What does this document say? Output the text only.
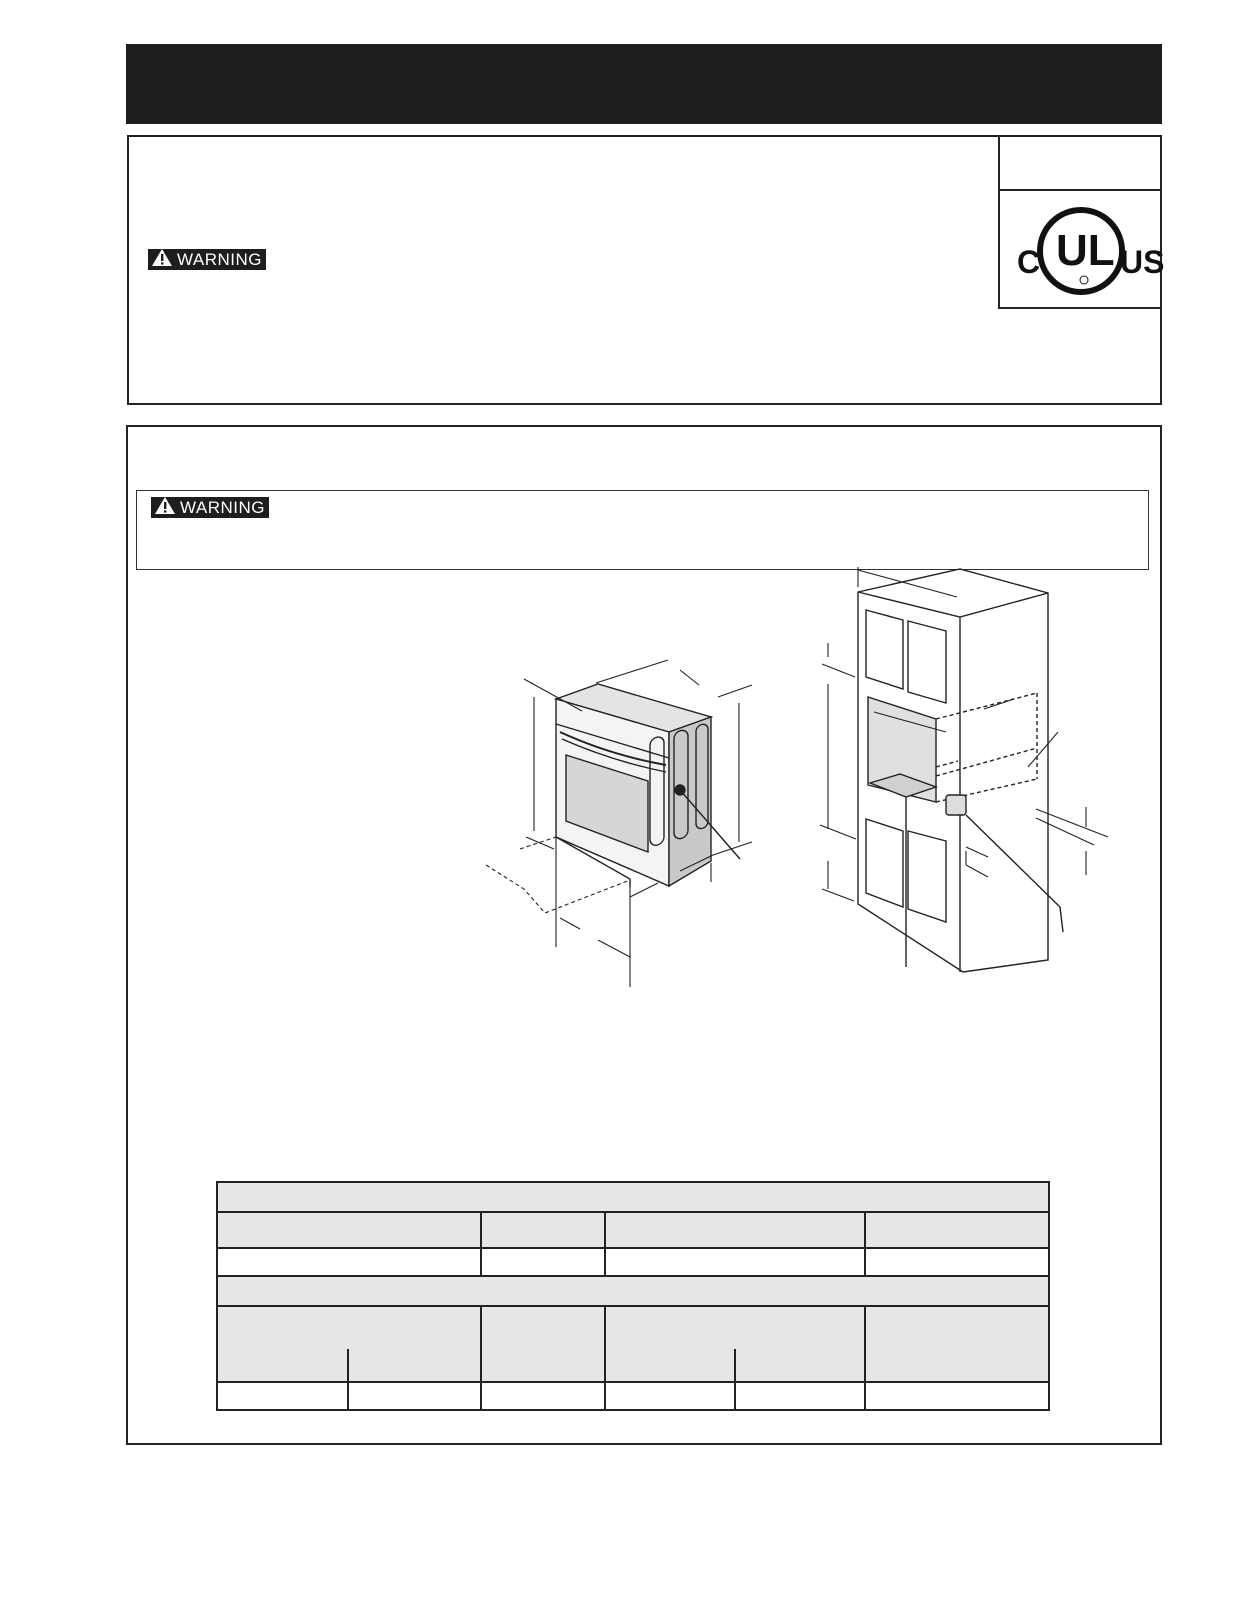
WARNING	C US
UL
WARNING
